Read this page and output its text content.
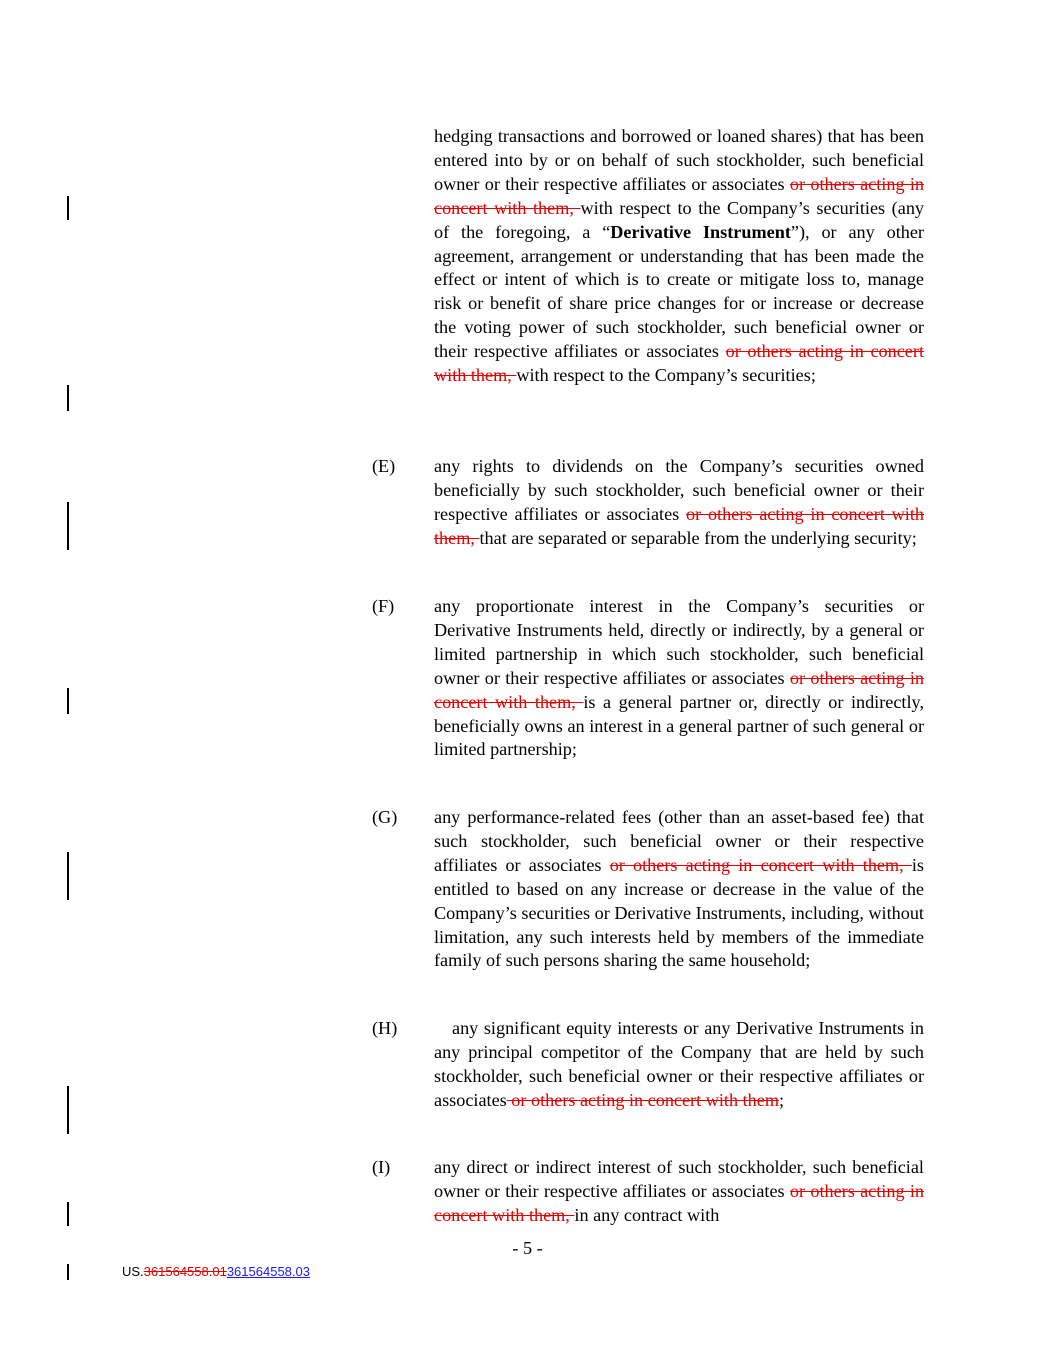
hedging transactions and borrowed or loaned shares) that has been entered into by or on behalf of such stockholder, such beneficial owner or their respective affiliates or associates or others acting in concert with them, with respect to the Company’s securities (any of the foregoing, a “Derivative Instrument”), or any other agreement, arrangement or understanding that has been made the effect or intent of which is to create or mitigate loss to, manage risk or benefit of share price changes for or increase or decrease the voting power of such stockholder, such beneficial owner or their respective affiliates or associates or others acting in concert with them, with respect to the Company’s securities;
(E)	any rights to dividends on the Company’s securities owned beneficially by such stockholder, such beneficial owner or their respective affiliates or associates or others acting in concert with them, that are separated or separable from the underlying security;
(F)	any proportionate interest in the Company’s securities or Derivative Instruments held, directly or indirectly, by a general or limited partnership in which such stockholder, such beneficial owner or their respective affiliates or associates or others acting in concert with them, is a general partner or, directly or indirectly, beneficially owns an interest in a general partner of such general or limited partnership;
(G)	any performance-related fees (other than an asset-based fee) that such stockholder, such beneficial owner or their respective affiliates or associates or others acting in concert with them, is entitled to based on any increase or decrease in the value of the Company’s securities or Derivative Instruments, including, without limitation, any such interests held by members of the immediate family of such persons sharing the same household;
(H)	any significant equity interests or any Derivative Instruments in any principal competitor of the Company that are held by such stockholder, such beneficial owner or their respective affiliates or associates or others acting in concert with them;
(I)	any direct or indirect interest of such stockholder, such beneficial owner or their respective affiliates or associates or others acting in concert with them, in any contract with
- 5 -
US.361564558.01361564558.03
